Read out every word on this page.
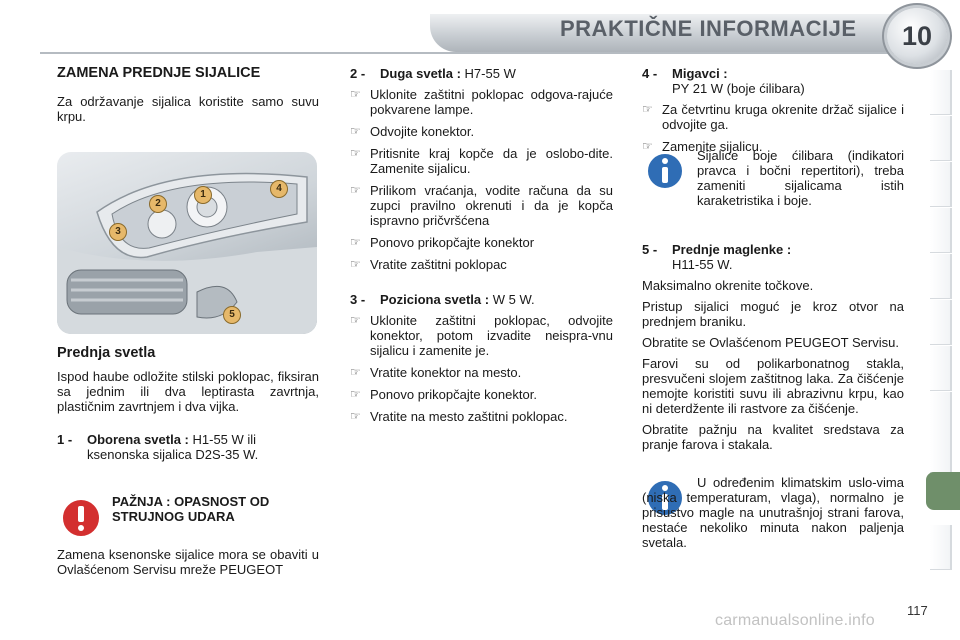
PRAKTIČNE INFORMACIJE	10
ZAMENA PREDNJE SIJALICE

Za održavanje sijalica koristite samo suvu krpu.

1
2
3
4
5
Prednja svetla

Ispod haube odložite stilski poklopac, fiksiran sa jednim ili dva leptirasta zavrtnja, plastičnim zavrtnjem i dva vijka.

1 - Oborena svetla : H1-55 W ili
ksenonska sijalica D2S-35 W.
PAŽNJA : OPASNOST OD STRUJNOG UDARA
Zamena ksenonske sijalice mora se obaviti u Ovlašćenom Servisu mreže PEUGEOT
2 - Duga svetla : H7-55 W

☞ Uklonite zaštitni poklopac odgova-rajuće pokvarene lampe.

☞ Odvojite konektor.

☞ Pritisnite kraj kopče da je oslobo-dite. Zamenite sijalicu.

☞ Prilikom vraćanja, vodite računa da su zupci pravilno okrenuti i da je kopča ispravno pričvršćena

☞ Ponovo prikopčajte konektor

☞ Vratite zaštitni poklopac

3 - Poziciona svetla : W 5 W.

☞ Uklonite zaštitni poklopac, odvojite konektor, potom izvadite neispra-vnu sijalicu i zamenite je.

☞ Vratite konektor na mesto.

☞ Ponovo prikopčajte konektor.

☞ Vratite na mesto zaštitni poklopac.

4 - Migavci :
PY 21 W (boje ćilibara)

☞ Za četvrtinu kruga okrenite držač sijalice i odvojite ga.

☞ Zamenite sijalicu.

Sijalice boje ćilibara (indikatori pravca i bočni repertitori), treba zameniti sijalicama istih karaketristika i boje.
5 - Prednje maglenke :
H11-55 W.

Maksimalno okrenite točkove.

Pristup sijalici moguć je kroz otvor na prednjem braniku.

Obratite se Ovlašćenom PEUGEOT Servisu.

Farovi su od polikarbonatnog stakla, presvučeni slojem zaštitnog laka. Za čišćenje nemojte koristiti suvu ili abrazivnu krpu, kao ni deterdžente ili rastvore za čišćenje.

Obratite pažnju na kvalitet sredstava za pranje farova i stakala.

U određenim klimatskim uslo-vima (niska temperaturam, vlaga), normalno je prisustvo magle na unutrašnjoj strani farova, nestaće nekoliko minuta nakon paljenja svetala.
117
carmanualsonline.info
